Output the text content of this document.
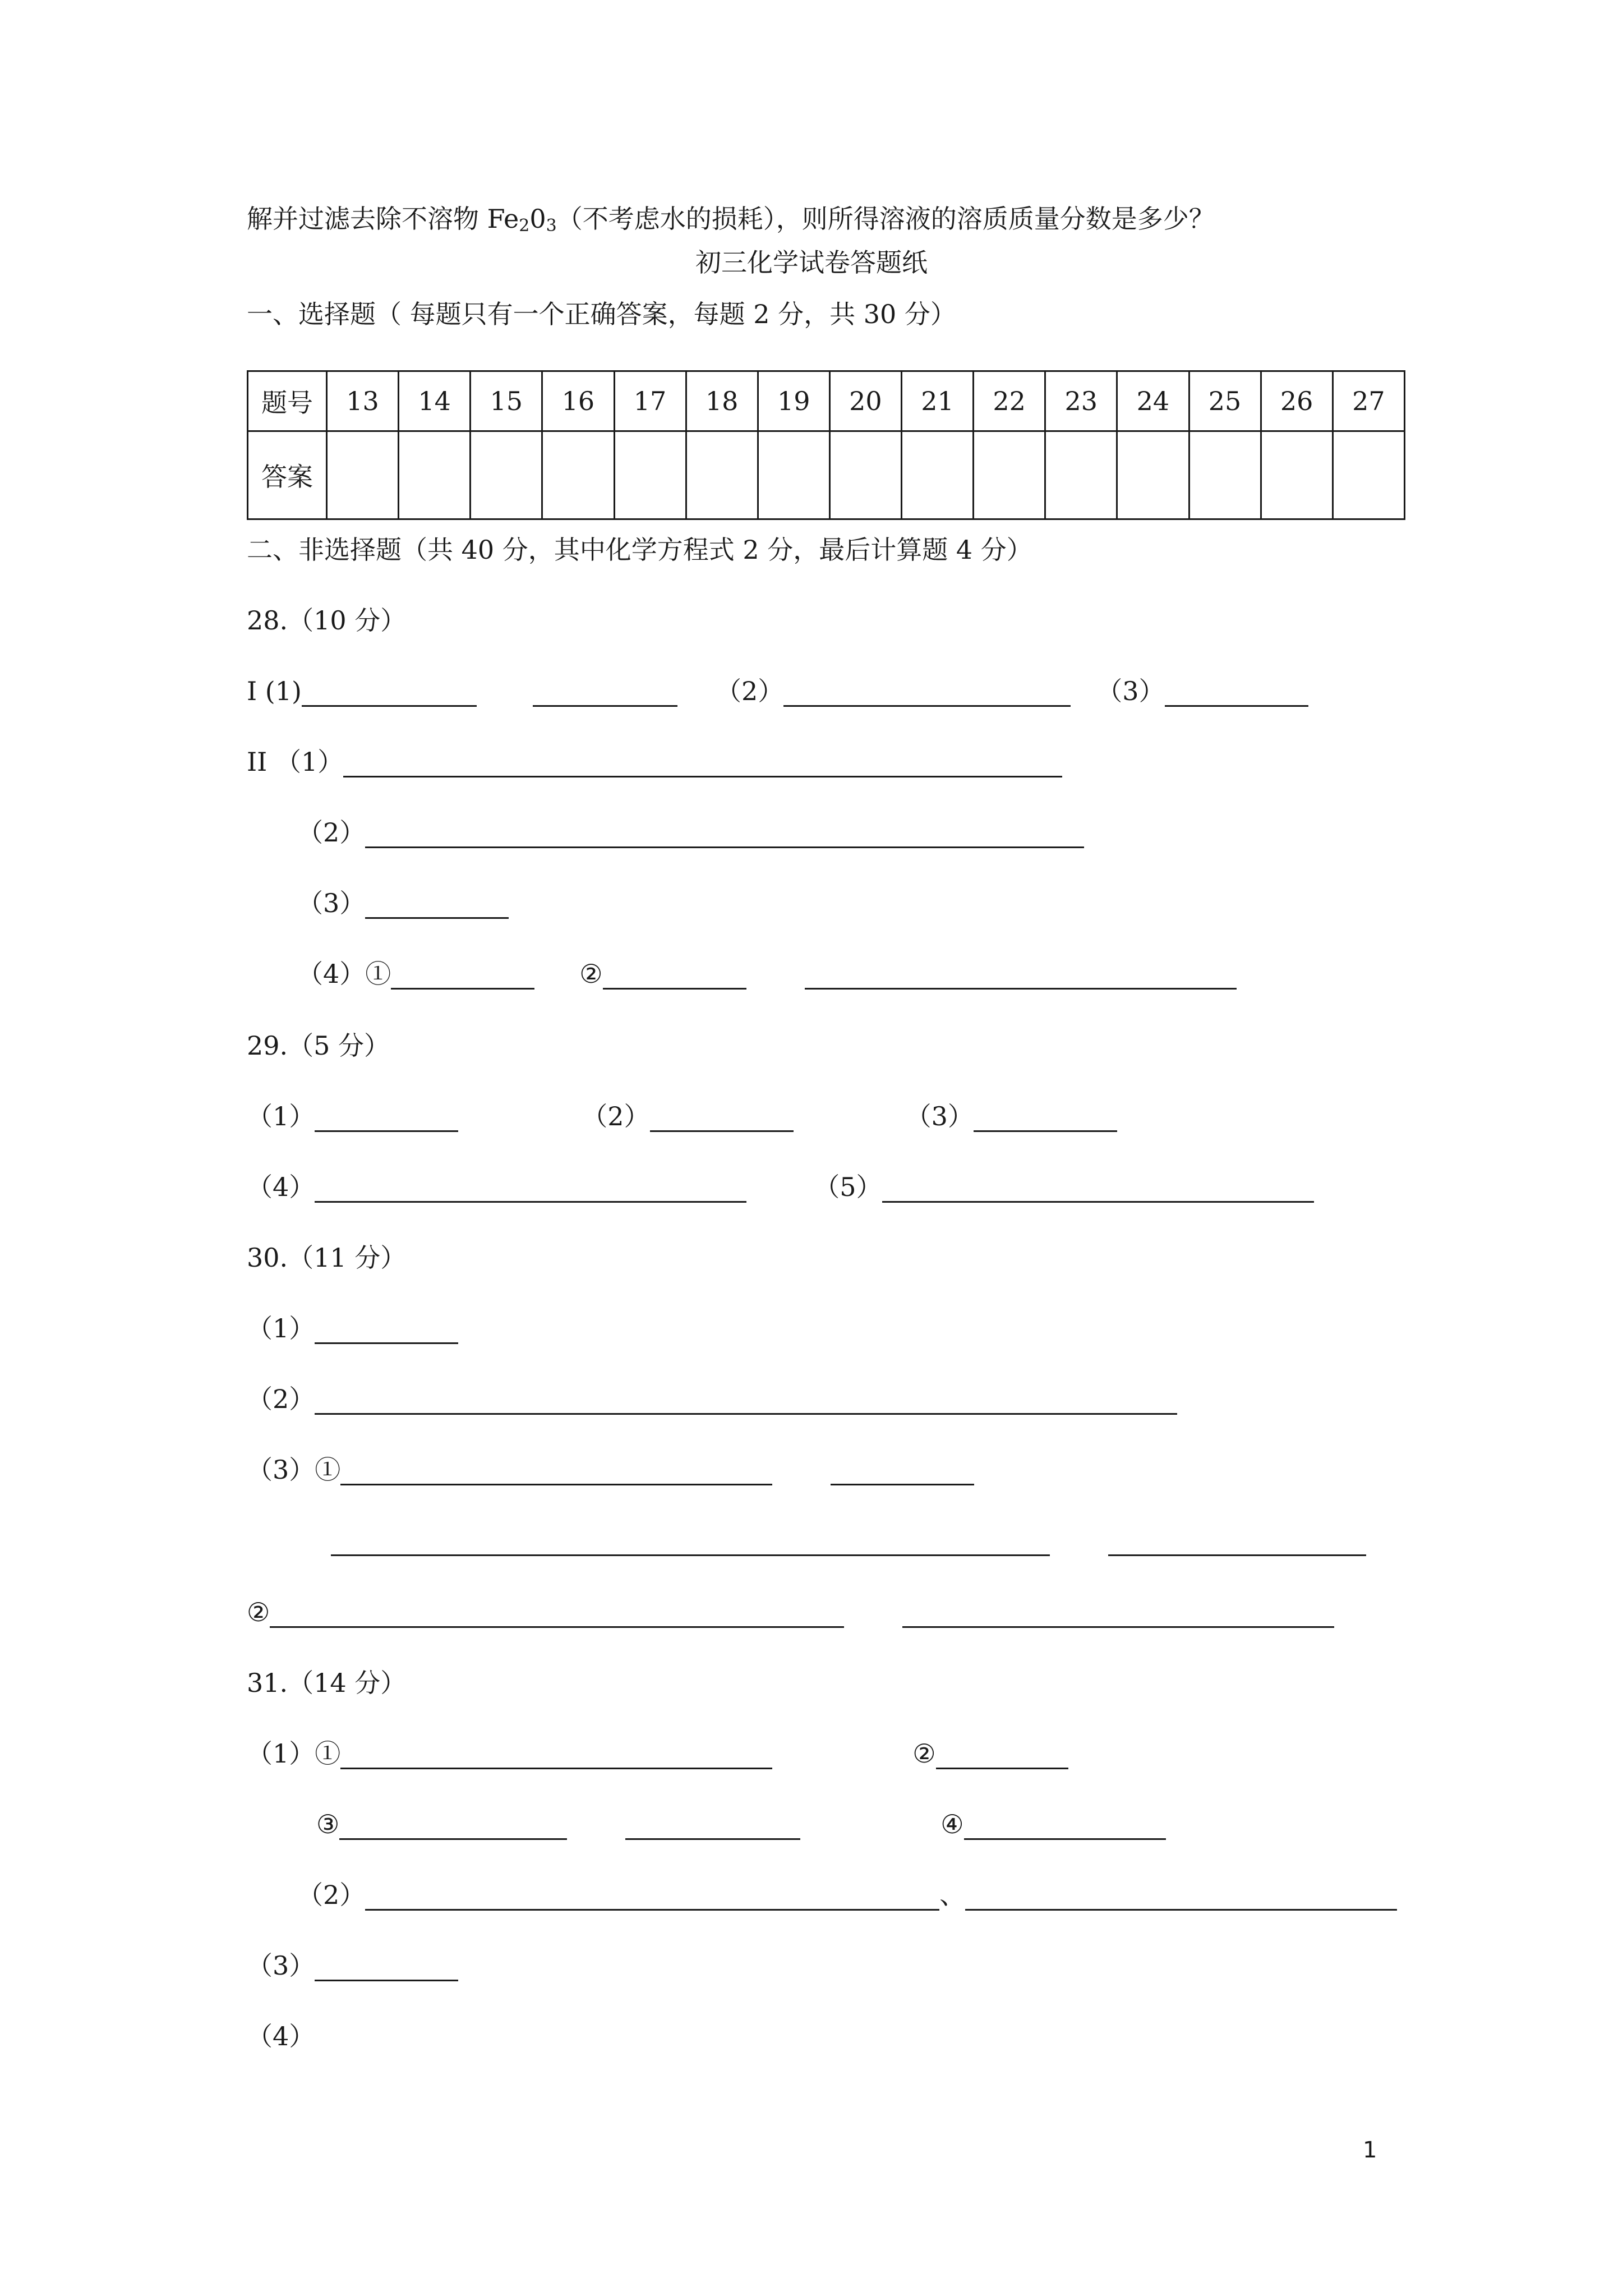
解并过滤去除不溶物 $Fe_20_3$（不考虑水的损耗），则所得溶液的溶质质量分数是多少？
初三化学试卷答题纸
一、选择题（ 每题只有一个正确答案，每题 2 分，共 30 分）
题号	13	14	15	16	17	18	19	20	21	22	23	24	25	26	27
答案															
二、非选择题（共 40 分，其中化学方程式 2 分，最后计算题 4 分）
28.（10 分）
I (1)	（2）	（3）
II （1）
（2）
（3）
（4）①	②
29.（5 分）
（1）	（2）	（3）
（4）	（5）
30.（11 分）
（1）
（2）
（3）①
②
31.（14 分）
（1）①	②
③	④
（2）	、
（3）
（4）
1
